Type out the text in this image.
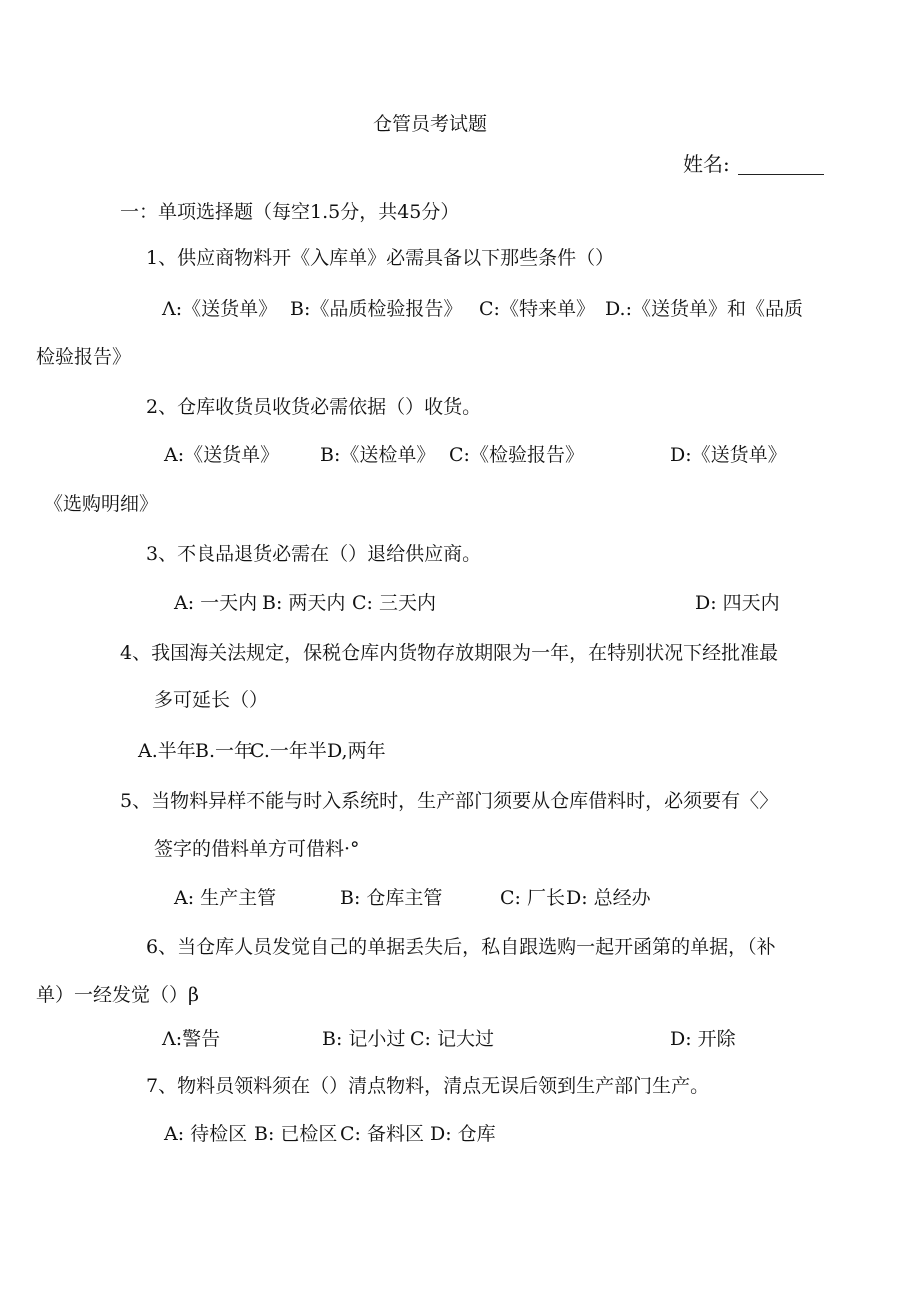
仓管员考试题
姓名:
一：单项选择题（每空1.5分，共45分）
1、供应商物料开《入库单》必需具备以下那些条件（）
Λ:《送货单》 B:《品质检验报告》 C:《特来单》 D.:《送货单》和《品质
检验报告》
2、仓库收货员收货必需依据（）收货。
A:《送货单》 B:《送检单》 C:《检验报告》	D:《送货单》
《选购明细》
3、不良品退货必需在（）退给供应商。
A: 一天内 B: 两天内 C: 三天内	D: 四天内
4、我国海关法规定，保税仓库内货物存放期限为一年，在特别状况下经批准最
多可延长（）
A.半年 B.一年
C.一年半 D,两年
5、当物料异样不能与时入系统时，生产部门须要从仓库借料时，必须要有〈〉
签字的借料单方可借料·°
A: 生产主管	B: 仓库主管	C: 厂长 D: 总经办
6、当仓库人员发觉自己的单据丢失后，私自跟选购一起开函第的单据，（补
单）一经发觉（）β
Λ:警告	B: 记小过 C: 记大过	D: 开除
7、物料员领料须在（）清点物料，清点无误后领到生产部门生产。
A: 待检区 B: 已检区 C: 备料区 D: 仓库
